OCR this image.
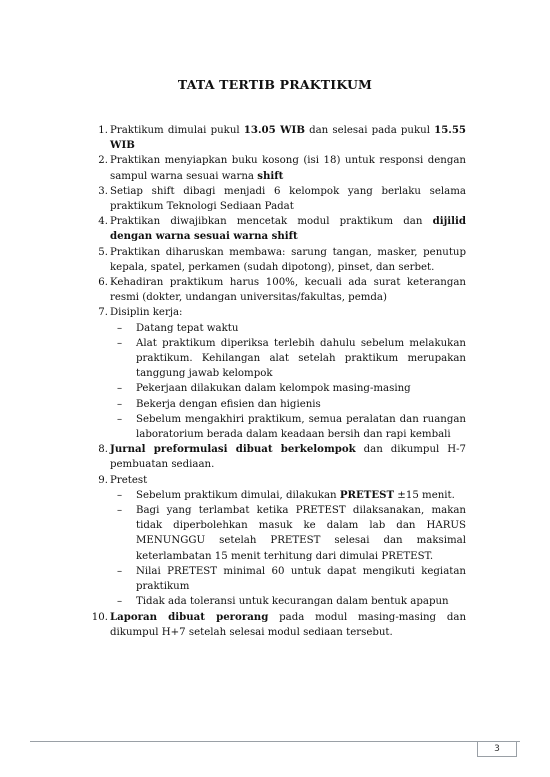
TATA TERTIB PRAKTIKUM
1. Praktikum dimulai pukul 13.05 WIB dan selesai pada pukul 15.55 WIB
2. Praktikan menyiapkan buku kosong (isi 18) untuk responsi dengan sampul warna sesuai warna shift
3. Setiap shift dibagi menjadi 6 kelompok yang berlaku selama praktikum Teknologi Sediaan Padat
4. Praktikan diwajibkan mencetak modul praktikum dan dijilid dengan warna sesuai warna shift
5. Praktikan diharuskan membawa: sarung tangan, masker, penutup kepala, spatel, perkamen (sudah dipotong), pinset, dan serbet.
6. Kehadiran praktikum harus 100%, kecuali ada surat keterangan resmi (dokter, undangan universitas/fakultas, pemda)
7. Disiplin kerja:
– Datang tepat waktu
– Alat praktikum diperiksa terlebih dahulu sebelum melakukan praktikum. Kehilangan alat setelah praktikum merupakan tanggung jawab kelompok
– Pekerjaan dilakukan dalam kelompok masing-masing
– Bekerja dengan efisien dan higienis
– Sebelum mengakhiri praktikum, semua peralatan dan ruangan laboratorium berada dalam keadaan bersih dan rapi kembali
8. Jurnal preformulasi dibuat berkelompok dan dikumpul H-7 pembuatan sediaan.
9. Pretest
– Sebelum praktikum dimulai, dilakukan PRETEST ±15 menit.
– Bagi yang terlambat ketika PRETEST dilaksanakan, makan tidak diperbolehkan masuk ke dalam lab dan HARUS MENUNGGU setelah PRETEST selesai dan maksimal keterlambatan 15 menit terhitung dari dimulai PRETEST.
– Nilai PRETEST minimal 60 untuk dapat mengikuti kegiatan praktikum
– Tidak ada toleransi untuk kecurangan dalam bentuk apapun
10. Laporan dibuat perorang pada modul masing-masing dan dikumpul H+7 setelah selesai modul sediaan tersebut.
3
